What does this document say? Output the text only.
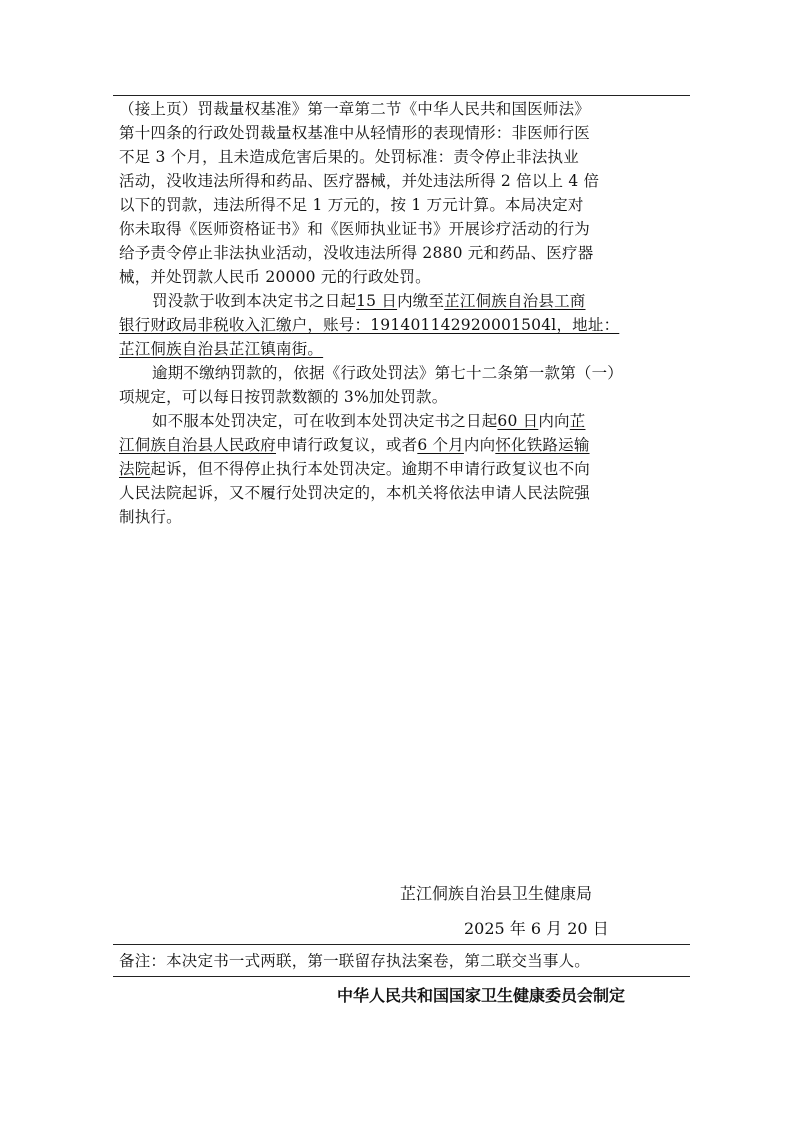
（接上页）罚裁量权基准》第一章第二节《中华人民共和国医师法》
第十四条的行政处罚裁量权基准中从轻情形的表现情形：非医师行医
不足 3 个月，且未造成危害后果的。处罚标准：责令停止非法执业
活动，没收违法所得和药品、医疗器械，并处违法所得 2 倍以上 4 倍
以下的罚款，违法所得不足 1 万元的，按 1 万元计算。本局决定对
你未取得《医师资格证书》和《医师执业证书》开展诊疗活动的行为
给予责令停止非法执业活动，没收违法所得 2880 元和药品、医疗器
械，并处罚款人民币 20000 元的行政处罚。
罚没款于收到本决定书之日起15 日内缴至芷江侗族自治县工商
银行财政局非税收入汇缴户，账号：191401142920001504l，地址：
芷江侗族自治县芷江镇南街。
逾期不缴纳罚款的，依据《行政处罚法》第七十二条第一款第（一）
项规定，可以每日按罚款数额的 3%加处罚款。
如不服本处罚决定，可在收到本处罚决定书之日起60 日内向芷
江侗族自治县人民政府申请行政复议，或者6 个月内向怀化铁路运输
法院起诉，但不得停止执行本处罚决定。逾期不申请行政复议也不向
人民法院起诉，又不履行处罚决定的，本机关将依法申请人民法院强
制执行。
芷江侗族自治县卫生健康局
2025 年 6 月 20 日
备注：本决定书一式两联，第一联留存执法案卷，第二联交当事人。
中华人民共和国国家卫生健康委员会制定
